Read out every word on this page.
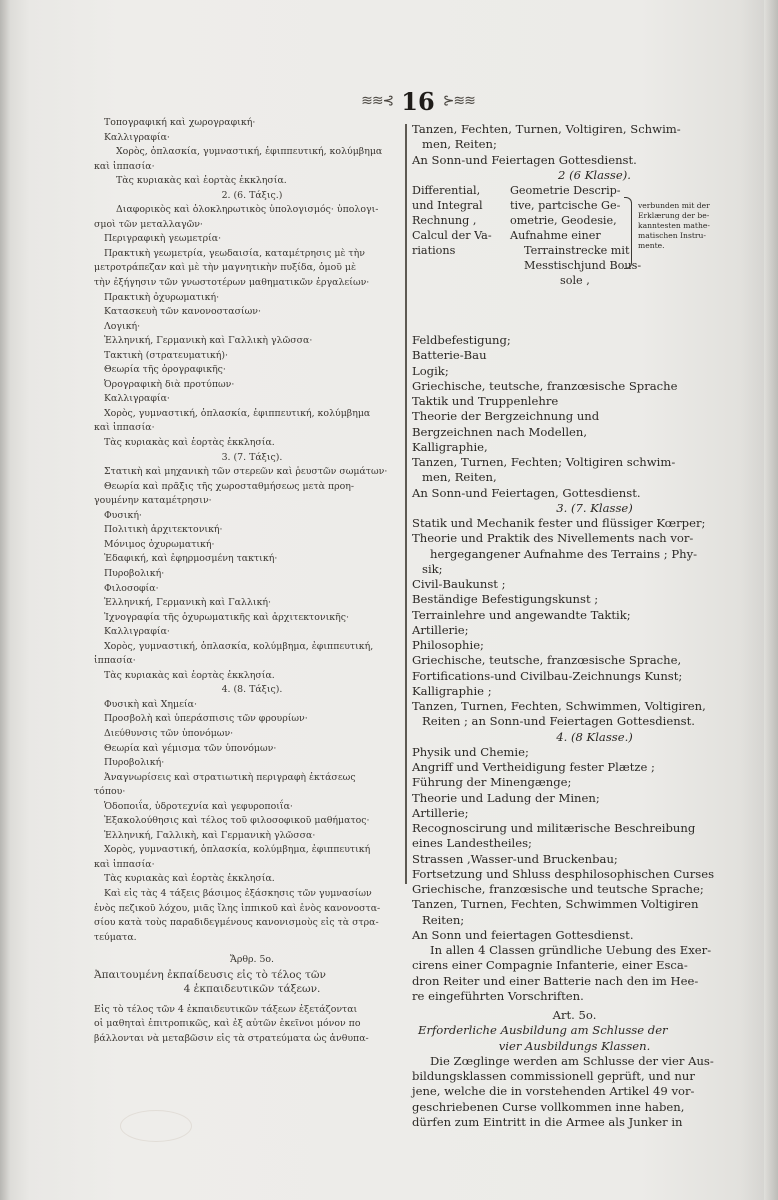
≋≋⊰ 16 ⊱≋≋
Τοπογραφική καὶ χωρογραφική·
Καλλιγραφία·
Χορὸς, ὁπλασκία, γυμναστική, ἐφιππευτική, κολύμβημα
καὶ ἱππασία·
Τὰς κυριακὰς καὶ ἑορτὰς ἐκκλησία.
2. (6. Τάξις.)
Διαφορικὸς καὶ ὁλοκληρωτικὸς ὑπολογισμός· ὑπολογι-
σμοὶ τῶν μεταλλαγῶν·
Περιγραφικὴ γεωμετρία·
Πρακτικὴ γεωμετρία, γεωδαισία, καταμέτρησις μὲ τὴν
μετροτράπεζαν καὶ μὲ τὴν μαγνητικὴν πυξίδα, ὁμοῦ μὲ
τὴν ἐξήγησιν τῶν γνωστοτέρων μαθηματικῶν ἐργαλείων·
Πρακτικὴ ὀχυρωματική·
Κατασκευὴ τῶν κανονοστασίων·
Λογική·
Ἑλληνική, Γερμανικὴ καὶ Γαλλικὴ γλῶσσα·
Τακτικὴ (στρατευματική)·
Θεωρία τῆς ὀρογραφικῆς·
Ὀρογραφικὴ διὰ προτύπων·
Καλλιγραφία·
Χορὸς, γυμναστική, ὁπλασκία, ἐφιππευτική, κολύμβημα
καὶ ἱππασία·
Τὰς κυριακὰς καὶ ἑορτὰς ἐκκλησία.
3. (7. Τάξις).
Στατικὴ καὶ μηχανικὴ τῶν στερεῶν καὶ ῥευστῶν σωμάτων·
Θεωρία καὶ πρᾶξις τῆς χωροσταθμήσεως μετὰ προη-
γουμένην καταμέτρησιν·
Φυσική·
Πολιτικὴ ἀρχιτεκτονική·
Μόνιμος ὀχυρωματική·
Ἐδαφική, καὶ ἐφηρμοσμένη τακτική·
Πυροβολική·
Φιλοσοφία·
Ἑλληνική, Γερμανικὴ καὶ Γαλλική·
Ἰχνογραφία τῆς ὀχυρωματικῆς καὶ ἀρχιτεκτονικῆς·
Καλλιγραφία·
Χορὸς, γυμναστική, ὁπλασκία, κολύμβημα, ἐφιππευτική,
ἱππασία·
Τὰς κυριακὰς καὶ ἑορτὰς ἐκκλησία.
4. (8. Τάξις).
Φυσικὴ καὶ Χημεία·
Προσβολὴ καὶ ὑπεράσπισις τῶν φρουρίων·
Διεύθυνσις τῶν ὑπονόμων·
Θεωρία καὶ γέμισμα τῶν ὑπονόμων·
Πυροβολική·
Ἀναγνωρίσεις καὶ στρατιωτικὴ περιγραφὴ ἐκτάσεως
τόπου·
Ὁδοποιΐα, ὑδροτεχνία καὶ γεφυροποιΐα·
Ἐξακολούθησις καὶ τέλος τοῦ φιλοσοφικοῦ μαθήματος·
Ἑλληνική, Γαλλικὴ, καὶ Γερμανικὴ γλῶσσα·
Χορὸς, γυμναστική, ὁπλασκία, κολύμβημα, ἐφιππευτική
καὶ ἱππασία·
Τὰς κυριακὰς καὶ ἑορτὰς ἐκκλησία.
Καὶ εἰς τὰς 4 τάξεις βάσιμος ἐξάσκησις τῶν γυμνασίων
ἑνὸς πεζικοῦ λόχου, μιᾶς ἴλης ἱππικοῦ καὶ ἑνὸς κανονοστα-
σίου κατὰ τοὺς παραδιδεγμένους κανονισμοὺς εἰς τὰ στρα-
τεύματα.
Ἄρθρ. 5ο.
Ἀπαιτουμένη ἐκπαίδευσις εἰς τὸ τέλος τῶν
4 ἐκπαιδευτικῶν τάξεων.
Εἰς τὸ τέλος τῶν 4 ἐκπαιδευτικῶν τάξεων ἐξετάζονται
οἱ μαθηταὶ ἐπιτροπικῶς, καὶ ἐξ αὐτῶν ἐκεῖνοι μόνον πο
βάλλονται νὰ μεταβῶσιν εἰς τὰ στρατεύματα ὡς ἀνθυπα-
Tanzen, Fechten, Turnen, Voltigiren, Schwim-
men, Reiten;
An Sonn-und Feiertagen Gottesdienst.
2 (6 Klasse).
Differential,
und Integral
Rechnung ,
Calcul der Va-
riations
Geometrie Descrip-
tive, partcische Ge-
ometrie, Geodesie,
Aufnahme einer
Terrainstrecke mit
Messtischjund Bous-
sole ,
verbunden mit der
Erklærung der be-
kanntesten mathe-
matischen Instru-
mente.
Feldbefestigung;
Batterie-Bau
Logik;
Griechische, teutsche, franzœsische Sprache
Taktik und Truppenlehre
Theorie der Bergzeichnung und
Bergzeichnen nach Modellen,
Kalligraphie,
Tanzen, Turnen, Fechten; Voltigiren schwim-
men, Reiten,
An Sonn-und Feiertagen, Gottesdienst.
3. (7. Klasse)
Statik und Mechanik fester und flüssiger Kœrper;
Theorie und Praktik des Nivellements nach vor-
hergegangener Aufnahme des Terrains ; Phy-
sik;
Civil-Baukunst ;
Beständige Befestigungskunst ;
Terrainlehre und angewandte Taktik;
Artillerie;
Philosophie;
Griechische, teutsche, franzœsische Sprache,
Fortifications-und Civilbau-Zeichnungs Kunst;
Kalligraphie ;
Tanzen, Turnen, Fechten, Schwimmen, Voltigiren,
Reiten ; an Sonn-und Feiertagen Gottesdienst.
4. (8 Klasse.)
Physik und Chemie;
Angriff und Vertheidigung fester Plætze ;
Führung der Minengænge;
Theorie und Ladung der Minen;
Artillerie;
Recognoscirung und militærische Beschreibung
eines Landestheiles;
Strassen ,Wasser-und Bruckenbau;
Fortsetzung und Shluss desphilosophischen Curses
Griechische, franzœsische und teutsche Sprache;
Tanzen, Turnen, Fechten, Schwimmen Voltigiren
Reiten;
An Sonn und feiertagen Gottesdienst.
In allen 4 Classen gründliche Uebung des Exer-
cirens einer Compagnie Infanterie, einer Esca-
dron Reiter und einer Batterie nach den im Hee-
re eingeführten Vorschriften.
Art. 5o.
Erforderliche Ausbildung am Schlusse der
vier Ausbildungs Klassen.
Die Zœglinge werden am Schlusse der vier Aus-
bildungsklassen commissionell geprüft, und nur
jene, welche die in vorstehenden Artikel 49 vor-
geschriebenen Curse vollkommen inne haben,
dürfen zum Eintritt in die Armee als Junker in
